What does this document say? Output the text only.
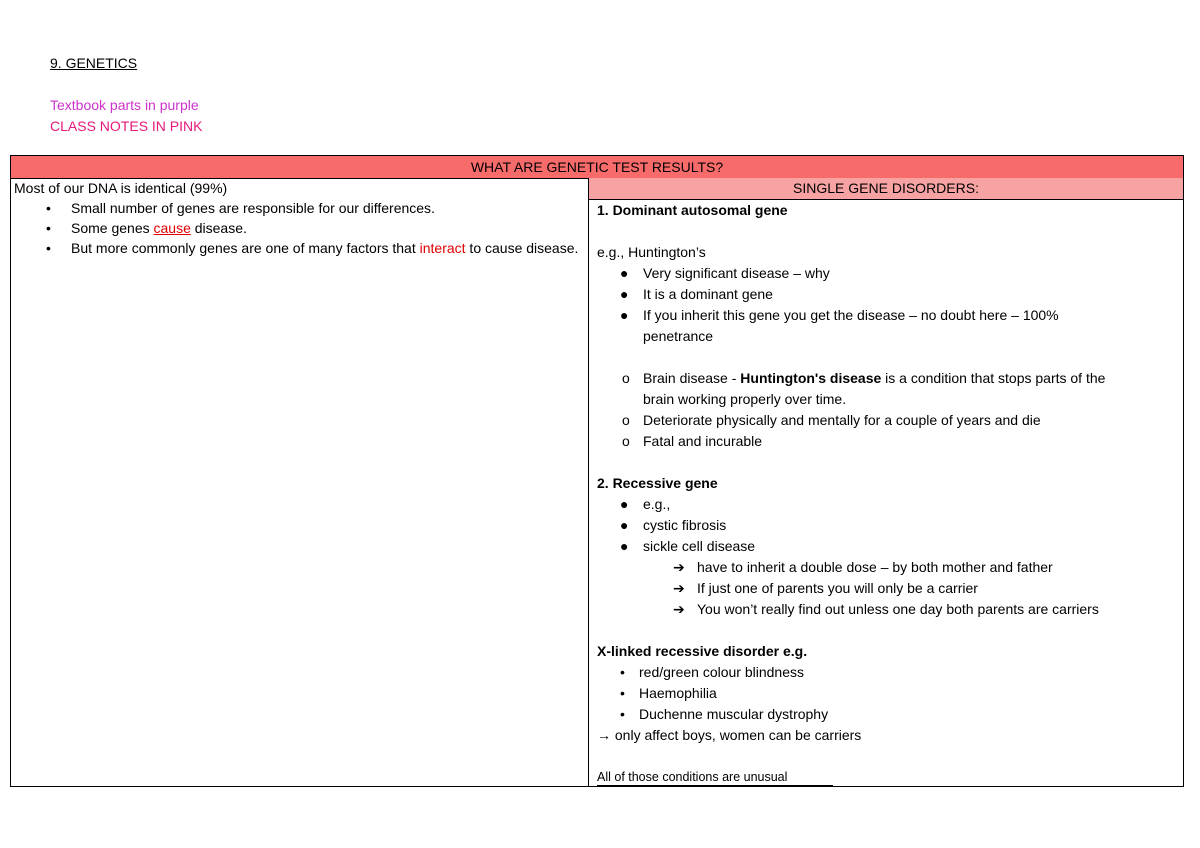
9. GENETICS
Textbook parts in purple
CLASS NOTES IN PINK
WHAT ARE GENETIC TEST RESULTS?
Most of our DNA is identical (99%)
• Small number of genes are responsible for our differences.
• Some genes cause disease.
• But more commonly genes are one of many factors that interact to cause disease.
SINGLE GENE DISORDERS:
1. Dominant autosomal gene
e.g., Huntington’s
● Very significant disease – why
● It is a dominant gene
● If you inherit this gene you get the disease – no doubt here – 100%
penetrance
o Brain disease - Huntington's disease is a condition that stops parts of the
brain working properly over time.
o Deteriorate physically and mentally for a couple of years and die
o Fatal and incurable
2. Recessive gene
● e.g.,
● cystic fibrosis
● sickle cell disease
➔ have to inherit a double dose – by both mother and father
➔ If just one of parents you will only be a carrier
➔ You won’t really find out unless one day both parents are carriers
X-linked recessive disorder e.g.
• red/green colour blindness
• Haemophilia
• Duchenne muscular dystrophy
→ only affect boys, women can be carriers
All of those conditions are unusual
